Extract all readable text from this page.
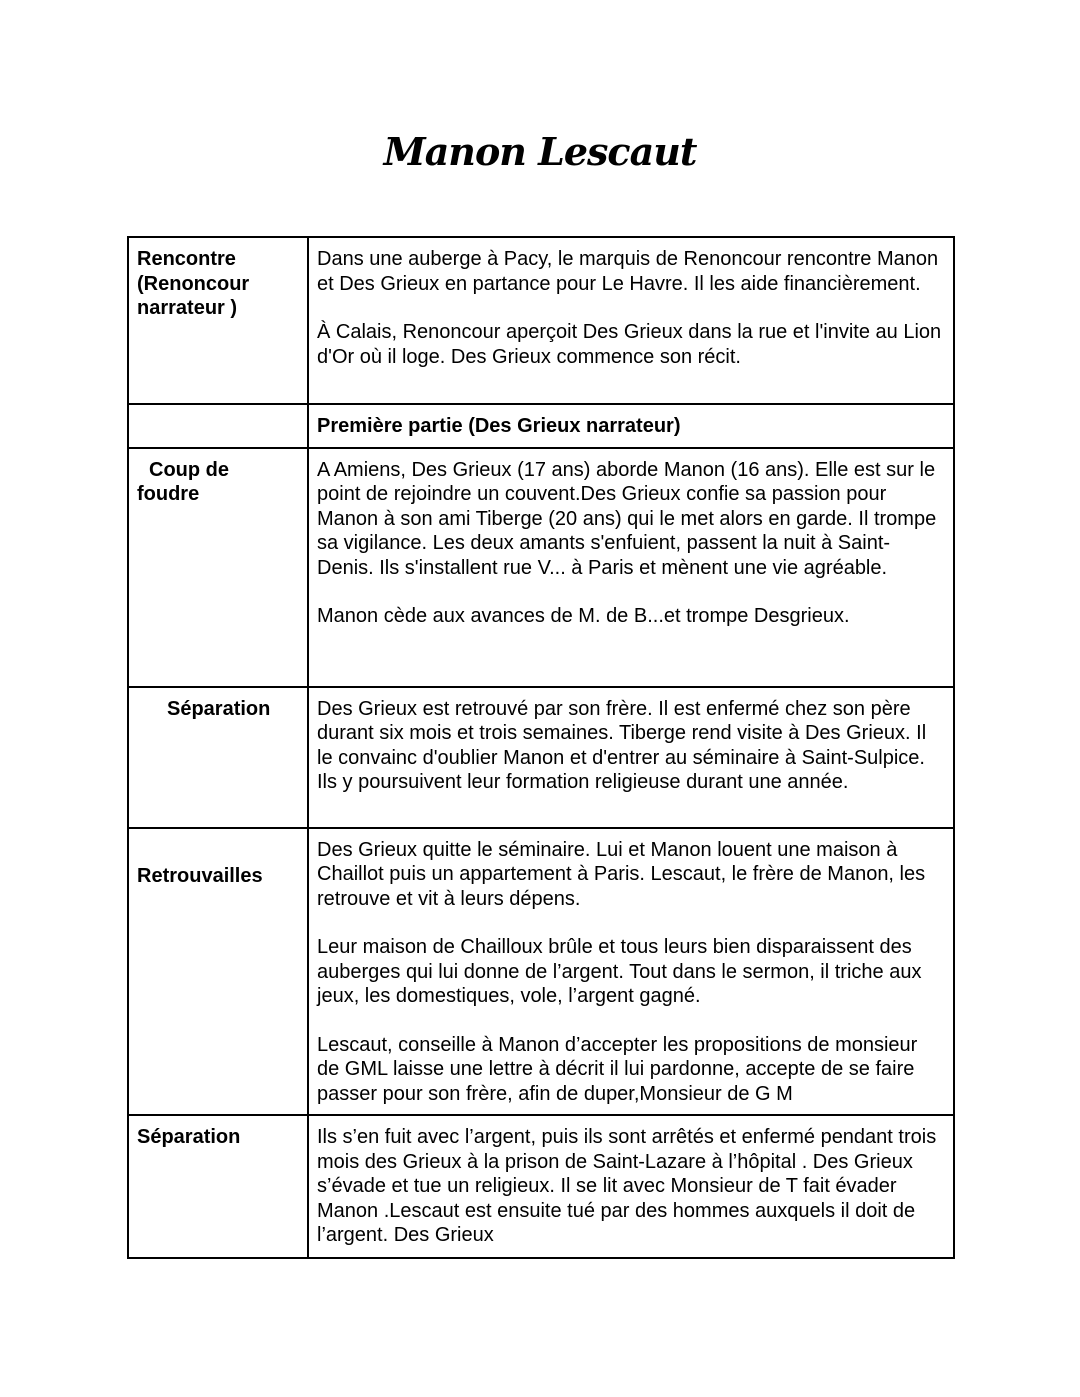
Manon Lescaut
Rencontre (Renoncour narrateur )	Dans une auberge à Pacy, le marquis de Renoncour rencontre Manon et Des Grieux en partance pour Le Havre. Il les aide financièrement.

À Calais, Renoncour aperçoit Des Grieux dans la rue et l'invite au Lion d'Or où il loge. Des Grieux commence son récit.

	Première partie (Des Grieux narrateur)
Coup de foudre	A Amiens, Des Grieux (17 ans) aborde Manon (16 ans). Elle est sur le point de rejoindre un couvent.Des Grieux confie sa passion pour Manon à son ami Tiberge (20 ans) qui le met alors en garde. Il trompe sa vigilance. Les deux amants s'enfuient, passent la nuit à Saint-Denis. Ils s'installent rue V... à Paris et mènent une vie agréable.

Manon cède aux avances de M. de B...et trompe Desgrieux.

Séparation	Des Grieux est retrouvé par son frère. Il est enfermé chez son père durant six mois et trois semaines. Tiberge rend visite à Des Grieux. Il le convainc d'oublier Manon et d'entrer au séminaire à Saint-Sulpice. Ils y poursuivent leur formation religieuse durant une année.

Retrouvailles	Des Grieux quitte le séminaire. Lui et Manon louent une maison à Chaillot puis un appartement à Paris. Lescaut, le frère de Manon, les retrouve et vit à leurs dépens.

Leur maison de Chailloux brûle et tous leurs bien disparaissent des auberges qui lui donne de l’argent. Tout dans le sermon, il triche aux jeux, les domestiques, vole, l’argent gagné.

Lescaut, conseille à Manon d’accepter les propositions de monsieur de GML laisse une lettre à décrit il lui pardonne, accepte de se faire passer pour son frère, afin de duper,Monsieur de G M

Séparation	Ils s’en fuit avec l’argent, puis ils sont arrêtés et enfermé pendant trois mois des Grieux à la prison de Saint-Lazare à l’hôpital . Des Grieux s’évade et tue un religieux. Il se lit avec Monsieur de T fait évader Manon .Lescaut est ensuite tué par des hommes auxquels il doit de l’argent. Des Grieux
